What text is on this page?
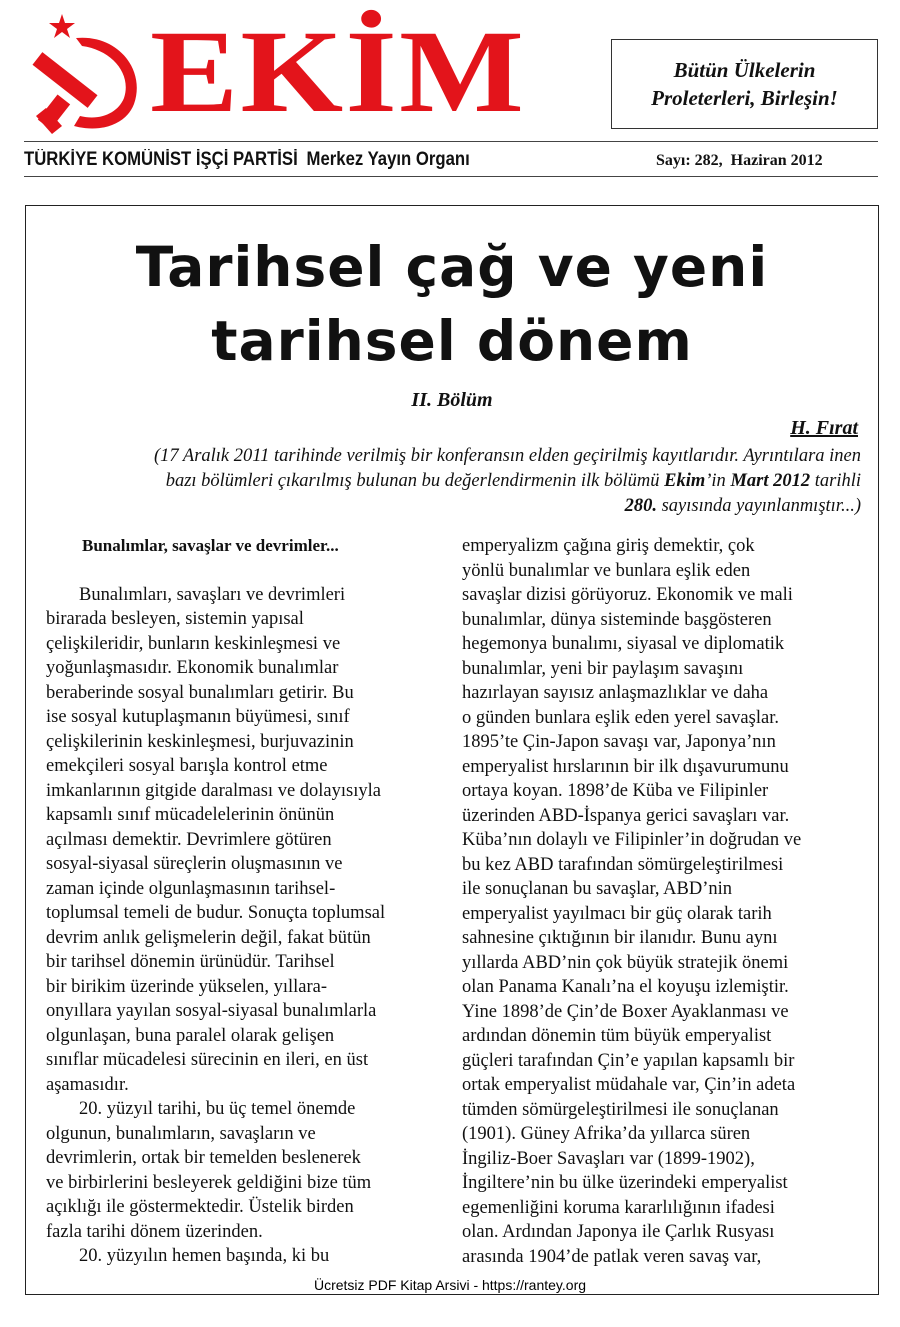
EKİM	Bütün Ülkelerin
Proleterleri, Birleşin!
TÜRKİYE KOMÜNİST İŞÇİ PARTİSİ Merkez Yayın Organı	Sayı: 282, Haziran 2012
Tarihsel çağ ve yeni
tarihsel dönem
II. Bölüm
H. Fırat
(17 Aralık 2011 tarihinde verilmiş bir konferansın elden geçirilmiş kayıtlarıdır. Ayrıntılara inen
bazı bölümleri çıkarılmış bulunan bu değerlendirmenin ilk bölümü Ekim’in Mart 2012 tarihli
280. sayısında yayınlanmıştır...)
Bunalımlar, savaşlar ve devrimler...
Bunalımları, savaşları ve devrimleri
birarada besleyen, sistemin yapısal
çelişkileridir, bunların keskinleşmesi ve
yoğunlaşmasıdır. Ekonomik bunalımlar
beraberinde sosyal bunalımları getirir. Bu
ise sosyal kutuplaşmanın büyümesi, sınıf
çelişkilerinin keskinleşmesi, burjuvazinin
emekçileri sosyal barışla kontrol etme
imkanlarının gitgide daralması ve dolayısıyla
kapsamlı sınıf mücadelelerinin önünün
açılması demektir. Devrimlere götüren
sosyal-siyasal süreçlerin oluşmasının ve
zaman içinde olgunlaşmasının tarihsel-
toplumsal temeli de budur. Sonuçta toplumsal
devrim anlık gelişmelerin değil, fakat bütün
bir tarihsel dönemin ürünüdür. Tarihsel
bir birikim üzerinde yükselen, yıllara-
onyıllara yayılan sosyal-siyasal bunalımlarla
olgunlaşan, buna paralel olarak gelişen
sınıflar mücadelesi sürecinin en ileri, en üst
aşamasıdır.
20. yüzyıl tarihi, bu üç temel önemde
olgunun, bunalımların, savaşların ve
devrimlerin, ortak bir temelden beslenerek
ve birbirlerini besleyerek geldiğini bize tüm
açıklığı ile göstermektedir. Üstelik birden
fazla tarihi dönem üzerinden.
20. yüzyılın hemen başında, ki bu
emperyalizm çağına giriş demektir, çok
yönlü bunalımlar ve bunlara eşlik eden
savaşlar dizisi görüyoruz. Ekonomik ve mali
bunalımlar, dünya sisteminde başgösteren
hegemonya bunalımı, siyasal ve diplomatik
bunalımlar, yeni bir paylaşım savaşını
hazırlayan sayısız anlaşmazlıklar ve daha
o günden bunlara eşlik eden yerel savaşlar.
1895’te Çin-Japon savaşı var, Japonya’nın
emperyalist hırslarının bir ilk dışavurumunu
ortaya koyan. 1898’de Küba ve Filipinler
üzerinden ABD-İspanya gerici savaşları var.
Küba’nın dolaylı ve Filipinler’in doğrudan ve
bu kez ABD tarafından sömürgeleştirilmesi
ile sonuçlanan bu savaşlar, ABD’nin
emperyalist yayılmacı bir güç olarak tarih
sahnesine çıktığının bir ilanıdır. Bunu aynı
yıllarda ABD’nin çok büyük stratejik önemi
olan Panama Kanalı’na el koyuşu izlemiştir.
Yine 1898’de Çin’de Boxer Ayaklanması ve
ardından dönemin tüm büyük emperyalist
güçleri tarafından Çin’e yapılan kapsamlı bir
ortak emperyalist müdahale var, Çin’in adeta
tümden sömürgeleştirilmesi ile sonuçlanan
(1901). Güney Afrika’da yıllarca süren
İngiliz-Boer Savaşları var (1899-1902),
İngiltere’nin bu ülke üzerindeki emperyalist
egemenliğini koruma kararlılığının ifadesi
olan. Ardından Japonya ile Çarlık Rusyası
arasında 1904’de patlak veren savaş var,
Ücretsiz PDF Kitap Arsivi - https://rantey.org
